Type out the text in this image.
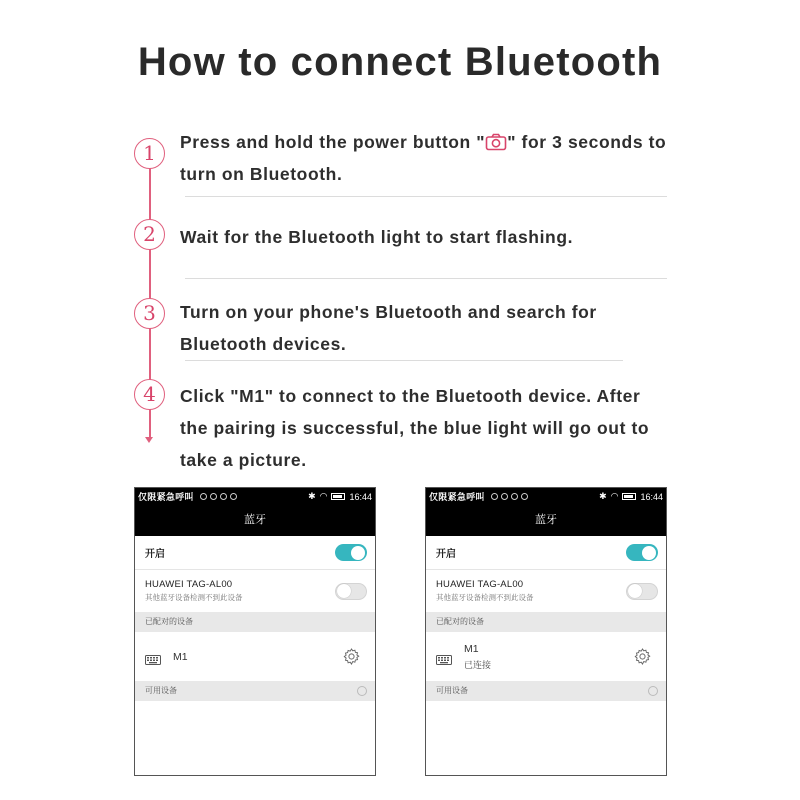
How to connect Bluetooth
1	Press and hold the power button " " for 3 seconds to turn on Bluetooth.
2	Wait for the Bluetooth light to start flashing.
3	Turn on your phone's Bluetooth and search for Bluetooth devices.
4	Click "M1" to connect to the Bluetooth device. After the pairing is successful, the blue light will go out to take a picture.
仅限紧急呼叫	✱ ◠ 16:44
蓝牙
开启
HUAWEI TAG-AL00
其他蓝牙设备检测不到此设备
已配对的设备
M1
可用设备
仅限紧急呼叫	✱ ◠ 16:44
蓝牙
开启
HUAWEI TAG-AL00
其他蓝牙设备检测不到此设备
已配对的设备
M1
已连接
可用设备
